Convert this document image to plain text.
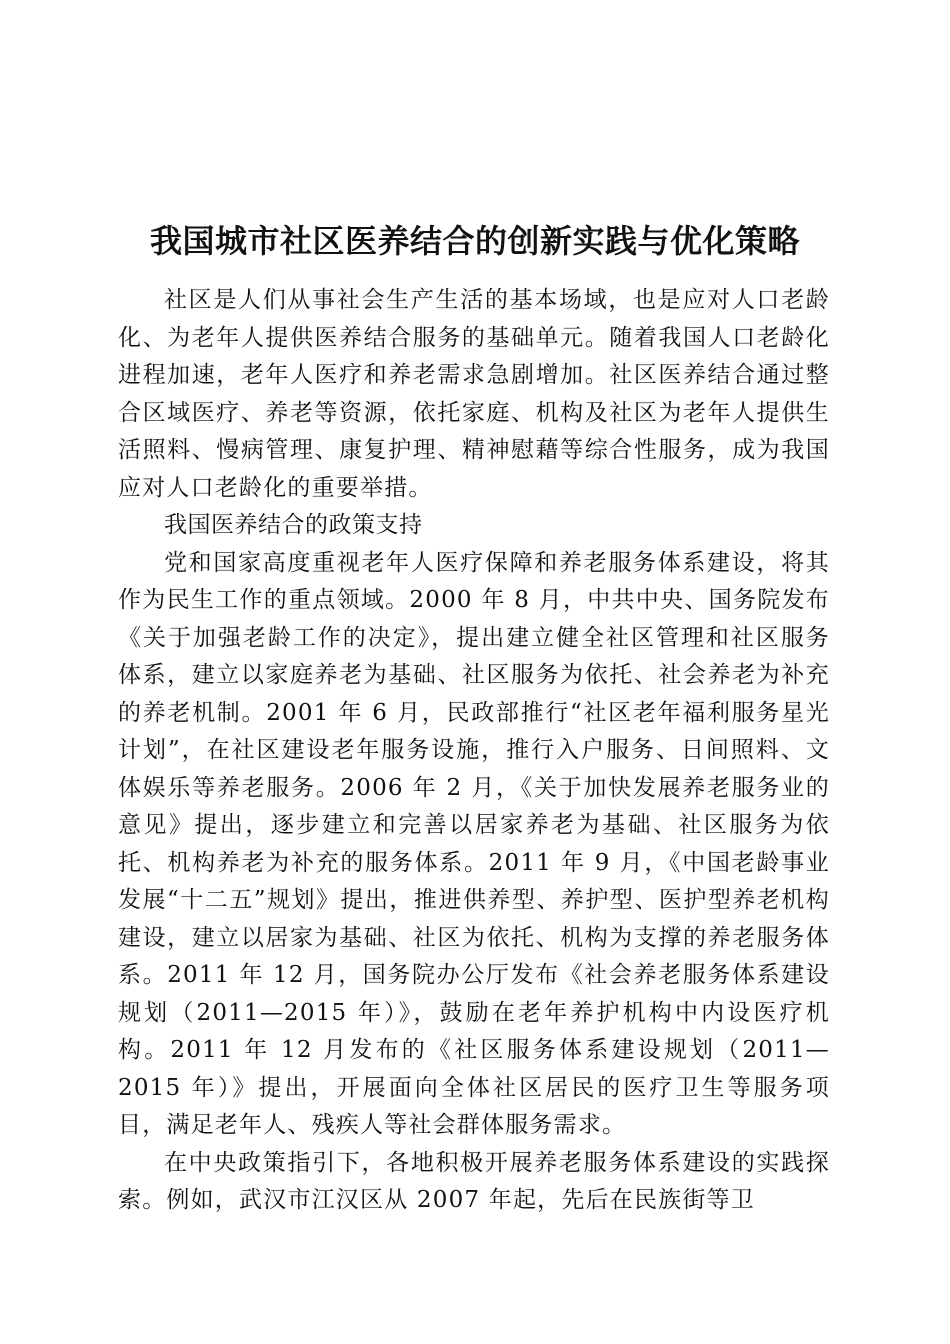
我国城市社区医养结合的创新实践与优化策略

社区是人们从事社会生产生活的基本场域，也是应对人口老龄化、为老年人提供医养结合服务的基础单元。随着我国人口老龄化进程加速，老年人医疗和养老需求急剧增加。社区医养结合通过整合区域医疗、养老等资源，依托家庭、机构及社区为老年人提供生活照料、慢病管理、康复护理、精神慰藉等综合性服务，成为我国应对人口老龄化的重要举措。

我国医养结合的政策支持

党和国家高度重视老年人医疗保障和养老服务体系建设，将其作为民生工作的重点领域。2000 年 8 月，中共中央、国务院发布《关于加强老龄工作的决定》，提出建立健全社区管理和社区服务体系，建立以家庭养老为基础、社区服务为依托、社会养老为补充的养老机制。2001 年 6 月，民政部推行“社区老年福利服务星光计划”，在社区建设老年服务设施，推行入户服务、日间照料、文体娱乐等养老服务。2006 年 2 月，《关于加快发展养老服务业的意见》提出，逐步建立和完善以居家养老为基础、社区服务为依托、机构养老为补充的服务体系。2011 年 9 月，《中国老龄事业发展“十二五”规划》提出，推进供养型、养护型、医护型养老机构建设，建立以居家为基础、社区为依托、机构为支撑的养老服务体系。2011 年 12 月，国务院办公厅发布《社会养老服务体系建设规划（2011—2015 年）》，鼓励在老年养护机构中内设医疗机构。2011 年 12 月发布的《社区服务体系建设规划（2011—2015 年）》提出，开展面向全体社区居民的医疗卫生等服务项目，满足老年人、残疾人等社会群体服务需求。

在中央政策指引下，各地积极开展养老服务体系建设的实践探索。例如，武汉市江汉区从 2007 年起，先后在民族街等卫
